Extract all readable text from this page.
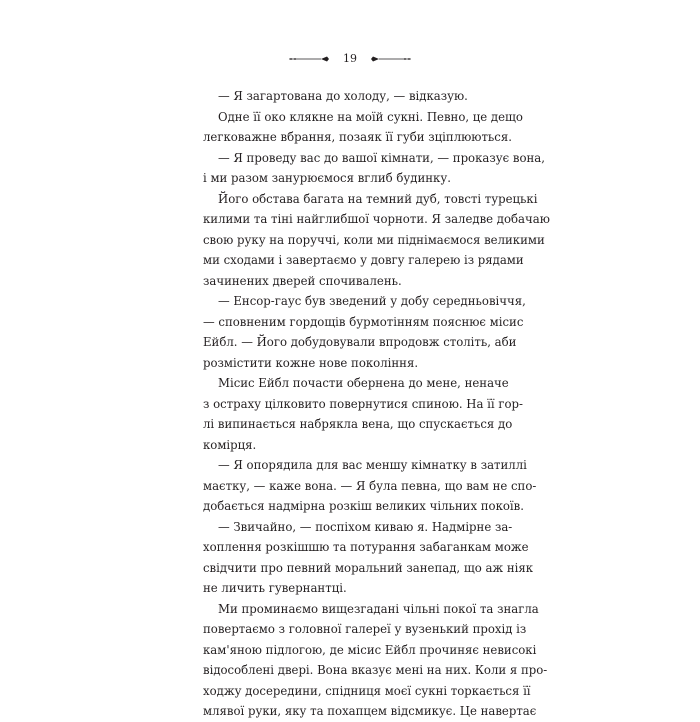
19
— Я загартована до холоду, — відказую.
Одне її око клякне на моїй сукні. Певно, це дещо
легковажне вбрання, позаяк її губи зціплюються.
— Я проведу вас до вашої кімнати, — проказує вона,
і ми разом занурюємося вглиб будинку.
Його обстава багата на темний дуб, товсті турецькі
килими та тіні найглибшої чорноти. Я заледве добачаю
свою руку на поруччі, коли ми піднімаємося великими
ми сходами і завертаємо у довгу галерею із рядами
зачинених дверей спочивалень.
— Енсор-гаус був зведений у добу середньовіччя,
— сповненим гордощів бурмотінням пояснює місис
Ейбл. — Його добудовували впродовж століть, аби
розмістити кожне нове покоління.
Місис Ейбл почасти обернена до мене, неначе
з остраху цілковито повернутися спиною. На її гор-
лі випинається набрякла вена, що спускається до
комірця.
— Я опорядила для вас меншу кімнатку в затиллі
маєтку, — каже вона. — Я була певна, що вам не спо-
добається надмірна розкіш великих чільних покоїв.
— Звичайно, — поспіхом киваю я. Надмірне за-
хоплення розкішшю та потурання забаганкам може
свідчити про певний моральний занепад, що аж ніяк
не личить гувернантці.
Ми проминаємо вищезгадані чільні покої та знагла
повертаємо з головної галереї у вузенький прохід із
кам'яною підлогою, де місис Ейбл прочиняє невисокі
відособлені двері. Вона вказує мені на них. Коли я про-
ходжу досередини, спідниця моєї сукні торкається її
млявої руки, яку та похапцем відсмикує. Це навертає
